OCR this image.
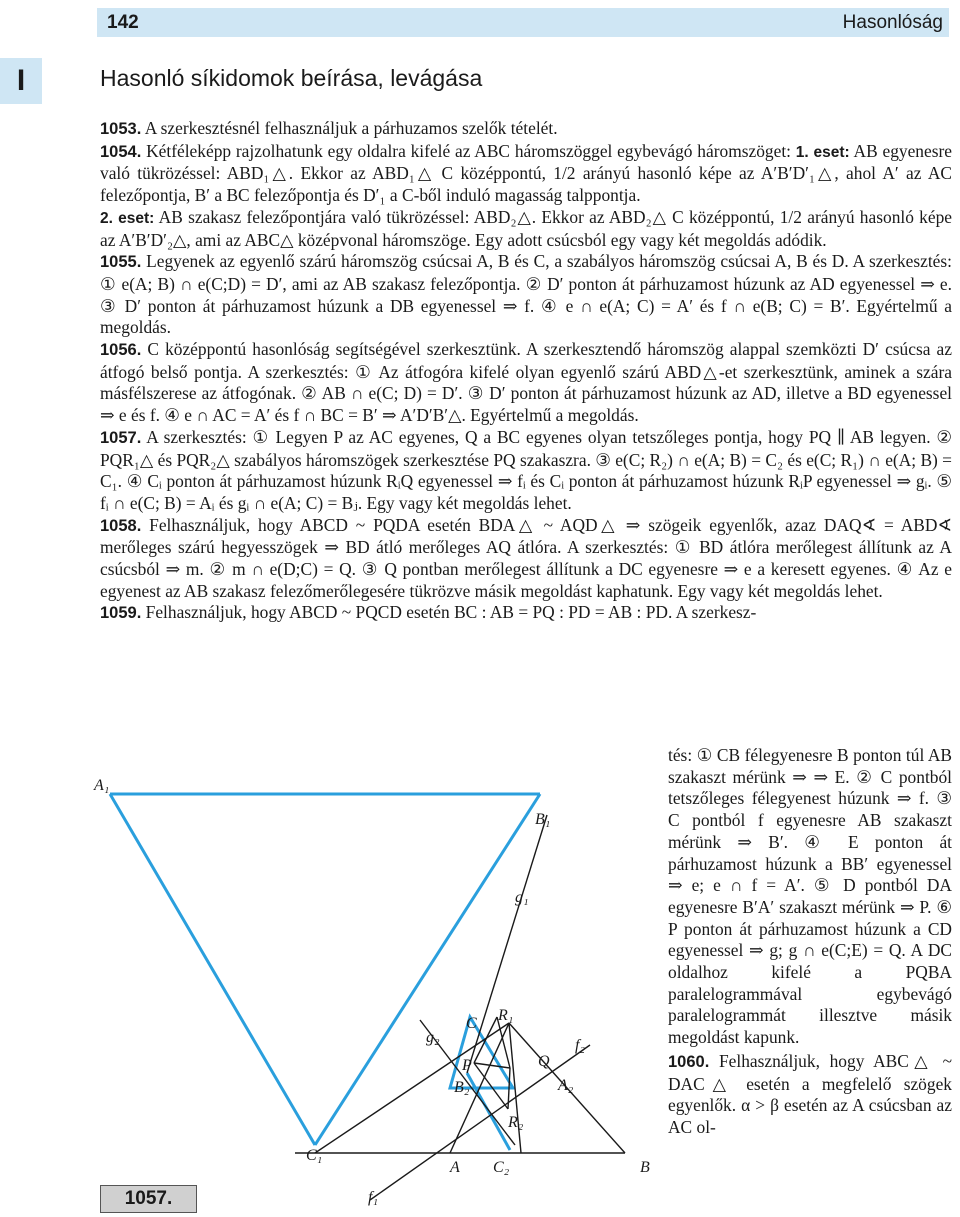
142	Hasonlóság
I	Hasonló síkidomok beírása, levágása

1053. A szerkesztésnél felhasználjuk a párhuzamos szelők tételét.

1054. Kétféleképp rajzolhatunk egy oldalra kifelé az ABC háromszöggel egybevágó háromszöget: 1. eset: AB egyenesre való tükrözéssel: ABD₁△. Ekkor az ABD₁△ C középpontú, 1/2 arányú hasonló képe az A′B′D′₁△, ahol A′ az AC felezőpontja, B′ a BC felezőpontja és D′₁ a C-ből induló magasság talppontja.

2. eset: AB szakasz felezőpontjára való tükrözéssel: ABD₂△. Ekkor az ABD₂△ C középpontú, 1/2 arányú hasonló képe az A′B′D′₂△, ami az ABC△ középvonal háromszöge. Egy adott csúcsból egy vagy két megoldás adódik.

1055. Legyenek az egyenlő szárú háromszög csúcsai A, B és C, a szabályos háromszög csúcsai A, B és D. A szerkesztés: ① e(A; B) ∩ e(C;D) = D′, ami az AB szakasz felezőpontja. ② D′ ponton át párhuzamost húzunk az AD egyenessel ⇒ e. ③ D′ ponton át párhuzamost húzunk a DB egyenessel ⇒ f. ④ e ∩ e(A; C) = A′ és f ∩ e(B; C) = B′. Egyértelmű a megoldás.

1056. C középpontú hasonlóság segítségével szerkesztünk. A szerkesztendő háromszög alappal szemközti D′ csúcsa az átfogó belső pontja. A szerkesztés: ① Az átfogóra kifelé olyan egyenlő szárú ABD△-et szerkesztünk, aminek a szára másfélszerese az átfogónak. ② AB ∩ e(C; D) = D′. ③ D′ ponton át párhuzamost húzunk az AD, illetve a BD egyenessel ⇒ e és f. ④ e ∩ AC = A′ és f ∩ BC = B′ ⇒ A′D′B′△. Egyértelmű a megoldás.

1057. A szerkesztés: ① Legyen P az AC egyenes, Q a BC egyenes olyan tetszőleges pontja, hogy PQ ∥ AB legyen. ② PQR₁△ és PQR₂△ szabályos háromszögek szerkesztése PQ szakaszra. ③ e(C; R₂) ∩ e(A; B) = C₂ és e(C; R₁) ∩ e(A; B) = C₁. ④ Cᵢ ponton át párhuzamost húzunk RᵢQ egyenessel ⇒ fᵢ és Cᵢ ponton át párhuzamost húzunk RᵢP egyenessel ⇒ gᵢ. ⑤ fᵢ ∩ e(C; B) = Aᵢ és gᵢ ∩ e(A; C) = Bⱼ. Egy vagy két megoldás lehet.

1058. Felhasználjuk, hogy ABCD ~ PQDA esetén BDA△ ~ AQD△ ⇒ szögeik egyenlők, azaz DAQ∢ = ABD∢ merőleges szárú hegyesszögek ⇒ BD átló merőleges AQ átlóra. A szerkesztés: ① BD átlóra merőlegest állítunk az A csúcsból ⇒ m. ② m ∩ e(D;C) = Q. ③ Q pontban merőlegest állítunk a DC egyenesre ⇒ e a keresett egyenes. ④ Az e egyenest az AB szakasz felezőmerőlegesére tükrözve másik megoldást kaphatunk. Egy vagy két megoldás lehet.

1059. Felhasználjuk, hogy ABCD ~ PQCD esetén BC : AB = PQ : PD = AB : PD. A szerkesz-

tés: ① CB félegyenesre B ponton túl AB szakaszt mérünk ⇒ ⇒ E. ② C pontból tetszőleges félegyenest húzunk ⇒ f. ③ C pontból f egyenesre AB szakaszt mérünk ⇒ B′. ④ E ponton át párhuzamost húzunk a BB′ egyenessel ⇒ e; e ∩ f = A′. ⑤ D pontból DA egyenesre B′A′ szakaszt mérünk ⇒ P. ⑥ P ponton át párhuzamost húzunk a CD egyenessel ⇒ g; g ∩ e(C;E) = Q. A DC oldalhoz kifelé a PQBA paralelogrammával egybevágó paralelogrammát illesztve másik megoldást kapunk.

1060. Felhasználjuk, hogy ABC△ ~ DAC△ esetén a megfelelő szögek egyenlők. α > β esetén az A csúcsban az AC ol-

A₁
B₁
g₁
R₁
C
g₂	f₂
P	Q
A₂
B₂
R₂
C₁
A C₂	B
f₁
1057.
